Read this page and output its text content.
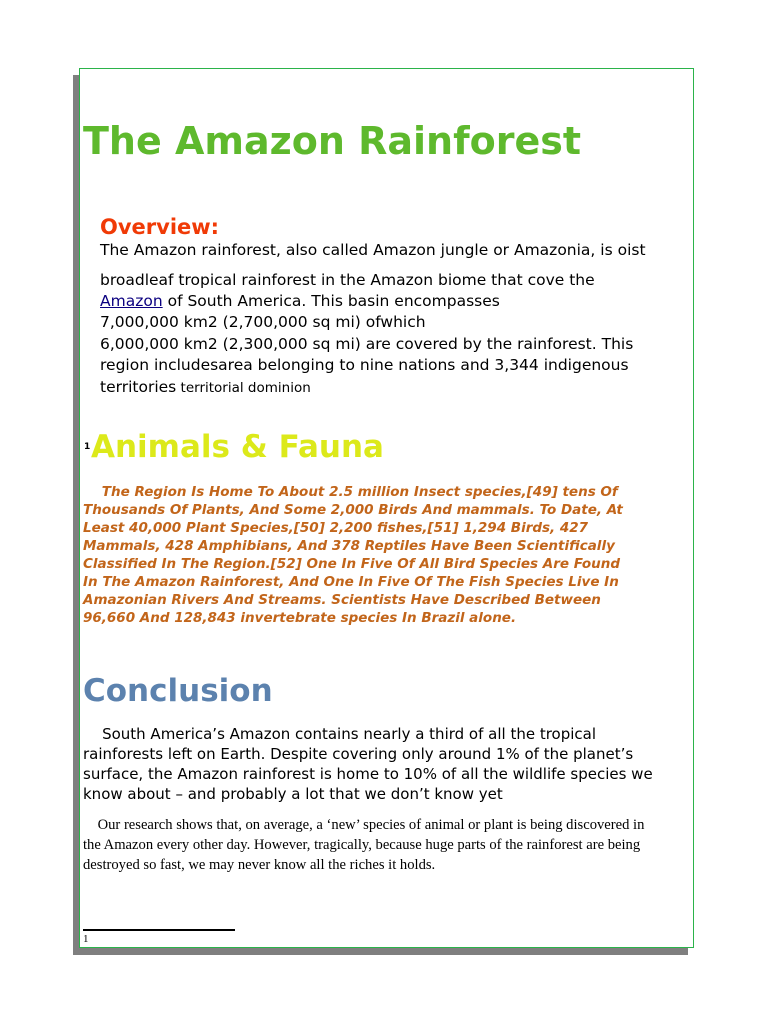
The Amazon Rainforest
Overview:
The Amazon rainforest, also called Amazon jungle or Amazonia, is oist
broadleaf tropical rainforest in the Amazon biome that cove the
Amazon of South America. This basin encompasses
7,000,000 km2 (2,700,000 sq mi) ofwhich
6,000,000 km2 (2,300,000 sq mi) are covered by the rainforest. This
region includesarea belonging to nine nations and 3,344 indigenous
territories territorial dominion
1 Animals & Fauna
The Region Is Home To About 2.5 million Insect species,[49] tens Of
Thousands Of Plants, And Some 2,000 Birds And mammals. To Date, At
Least 40,000 Plant Species,[50] 2,200 fishes,[51] 1,294 Birds, 427
Mammals, 428 Amphibians, And 378 Reptiles Have Been Scientifically
Classified In The Region.[52] One In Five Of All Bird Species Are Found
In The Amazon Rainforest, And One In Five Of The Fish Species Live In
Amazonian Rivers And Streams. Scientists Have Described Between
96,660 And 128,843 invertebrate species In Brazil alone.
Conclusion
South America’s Amazon contains nearly a third of all the tropical
rainforests left on Earth. Despite covering only around 1% of the planet’s
surface, the Amazon rainforest is home to 10% of all the wildlife species we
know about – and probably a lot that we don’t know yet
Our research shows that, on average, a ‘new’ species of animal or plant is being discovered in
the Amazon every other day. However, tragically, because huge parts of the rainforest are being
destroyed so fast, we may never know all the riches it holds.
1
